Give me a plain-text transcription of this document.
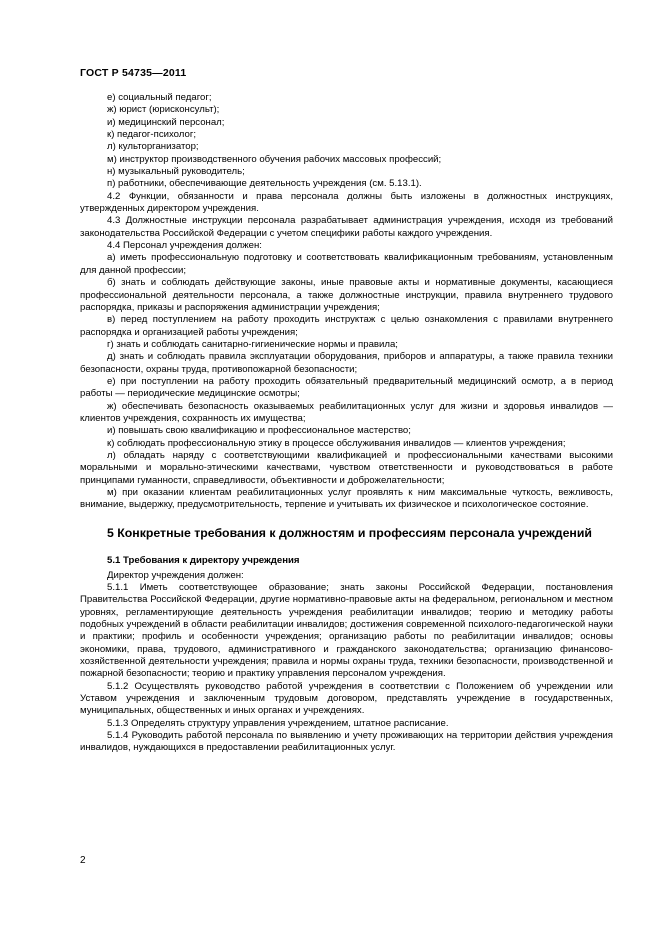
ГОСТ Р 54735—2011

е) социальный педагог;

ж) юрист (юрисконсульт);

и) медицинский персонал;

к) педагог-психолог;

л) культорганизатор;

м) инструктор производственного обучения рабочих массовых профессий;

н) музыкальный руководитель;

п) работники, обеспечивающие деятельность учреждения (см. 5.13.1).

4.2 Функции, обязанности и права персонала должны быть изложены в должностных инструкциях, утвержденных директором учреждения.

4.3 Должностные инструкции персонала разрабатывает администрация учреждения, исходя из требований законодательства Российской Федерации с учетом специфики работы каждого учреждения.

4.4 Персонал учреждения должен:

а) иметь профессиональную подготовку и соответствовать квалификационным требованиям, установленным для данной профессии;

б) знать и соблюдать действующие законы, иные правовые акты и нормативные документы, касающиеся профессиональной деятельности персонала, а также должностные инструкции, правила внутреннего трудового распорядка, приказы и распоряжения администрации учреждения;

в) перед поступлением на работу проходить инструктаж с целью ознакомления с правилами внутреннего распорядка и организацией работы учреждения;

г) знать и соблюдать санитарно-гигиенические нормы и правила;

д) знать и соблюдать правила эксплуатации оборудования, приборов и аппаратуры, а также правила техники безопасности, охраны труда, противопожарной безопасности;

е) при поступлении на работу проходить обязательный предварительный медицинский осмотр, а в период работы — периодические медицинские осмотры;

ж) обеспечивать безопасность оказываемых реабилитационных услуг для жизни и здоровья инвалидов — клиентов учреждения, сохранность их имущества;

и) повышать свою квалификацию и профессиональное мастерство;

к) соблюдать профессиональную этику в процессе обслуживания инвалидов — клиентов учреждения;

л) обладать наряду с соответствующими квалификацией и профессиональными качествами высокими моральными и морально-этическими качествами, чувством ответственности и руководствоваться в работе принципами гуманности, справедливости, объективности и доброжелательности;

м) при оказании клиентам реабилитационных услуг проявлять к ним максимальные чуткость, вежливость, внимание, выдержку, предусмотрительность, терпение и учитывать их физическое и психологическое состояние.

5 Конкретные требования к должностям и профессиям персонала учреждений

5.1 Требования к директору учреждения

Директор учреждения должен:

5.1.1 Иметь соответствующее образование; знать законы Российской Федерации, постановления Правительства Российской Федерации, другие нормативно-правовые акты на федеральном, региональном и местном уровнях, регламентирующие деятельность учреждения реабилитации инвалидов; теорию и методику работы подобных учреждений в области реабилитации инвалидов; достижения современной психолого-педагогической науки и практики; профиль и особенности учреждения; организацию работы по реабилитации инвалидов; основы экономики, права, трудового, административного и гражданского законодательства; организацию финансово-хозяйственной деятельности учреждения; правила и нормы охраны труда, техники безопасности, производственной и пожарной безопасности; теорию и практику управления персоналом учреждения.

5.1.2 Осуществлять руководство работой учреждения в соответствии с Положением об учреждении или Уставом учреждения и заключенным трудовым договором, представлять учреждение в государственных, муниципальных, общественных и иных органах и учреждениях.

5.1.3 Определять структуру управления учреждением, штатное расписание.

5.1.4 Руководить работой персонала по выявлению и учету проживающих на территории действия учреждения инвалидов, нуждающихся в предоставлении реабилитационных услуг.

2
